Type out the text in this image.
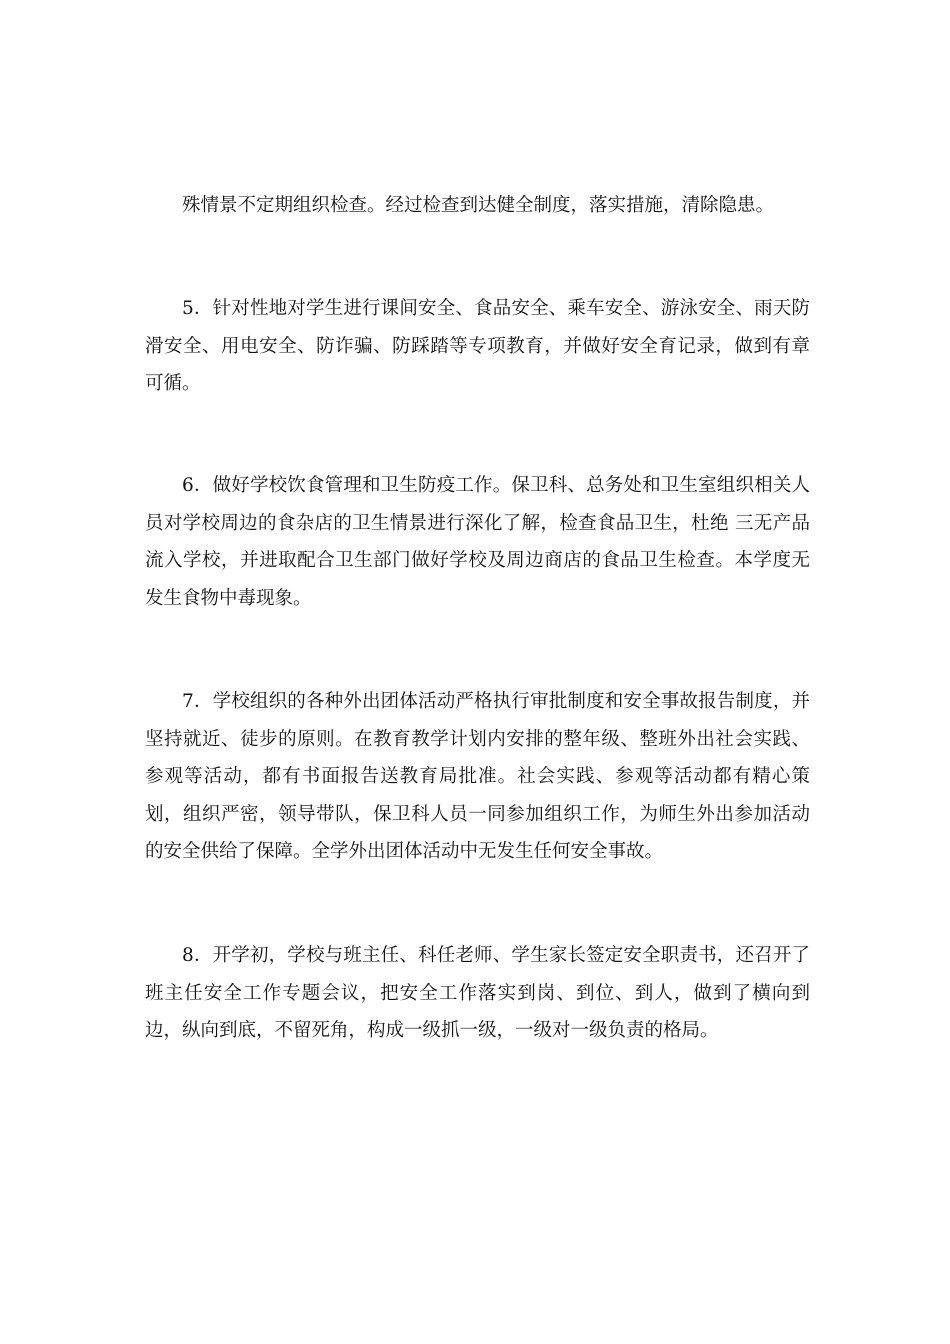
殊情景不定期组织检查。经过检查到达健全制度，落实措施，清除隐患。

5．针对性地对学生进行课间安全、食品安全、乘车安全、游泳安全、雨天防滑安全、用电安全、防诈骗、防踩踏等专项教育，并做好安全育记录，做到有章可循。

6．做好学校饮食管理和卫生防疫工作。保卫科、总务处和卫生室组织相关人员对学校周边的食杂店的卫生情景进行深化了解，检查食品卫生，杜绝 三无产品流入学校，并进取配合卫生部门做好学校及周边商店的食品卫生检查。本学度无发生食物中毒现象。

7．学校组织的各种外出团体活动严格执行审批制度和安全事故报告制度，并坚持就近、徒步的原则。在教育教学计划内安排的整年级、整班外出社会实践、参观等活动，都有书面报告送教育局批准。社会实践、参观等活动都有精心策划，组织严密，领导带队，保卫科人员一同参加组织工作，为师生外出参加活动的安全供给了保障。全学外出团体活动中无发生任何安全事故。

8．开学初，学校与班主任、科任老师、学生家长签定安全职责书，还召开了班主任安全工作专题会议，把安全工作落实到岗、到位、到人，做到了横向到边，纵向到底，不留死角，构成一级抓一级，一级对一级负责的格局。
